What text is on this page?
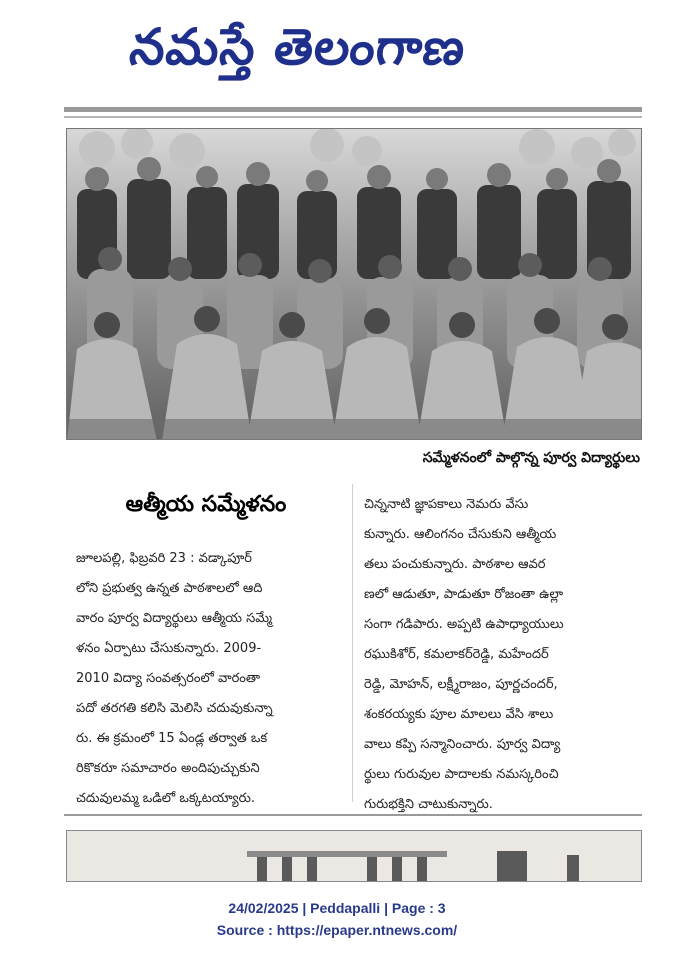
నమస్తే తెలంగాణ
సమ్మేళనంలో పాల్గొన్న పూర్వ విద్యార్థులు
ఆత్మీయ సమ్మేళనం
జూలపల్లి, ఫిబ్రవరి 23 : వడ్కాపూర్
లోని ప్రభుత్వ ఉన్నత పాఠశాలలో ఆది
వారం పూర్వ విద్యార్థులు ఆత్మీయ సమ్మే
ళనం ఏర్పాటు చేసుకున్నారు. 2009-
2010 విద్యా సంవత్సరంలో వారంతా
పదో తరగతి కలిసి మెలిసి చదువుకున్నా
రు. ఈ క్రమంలో 15 ఏండ్ల తర్వాత ఒక
రికొకరూ సమాచారం అందిపుచ్చుకుని
చదువులమ్మ ఒడిలో ఒక్కటయ్యారు.
చిన్ననాటి జ్ఞాపకాలు నెమరు వేసు
కున్నారు. ఆలింగనం చేసుకుని ఆత్మీయ
తలు పంచుకున్నారు. పాఠశాల ఆవర
ణలో ఆడుతూ, పాడుతూ రోజంతా ఉల్లా
సంగా గడిపారు. అప్పటి ఉపాధ్యాయులు
రఘుకిశోర్, కమలాకర్‌రెడ్డి, మహేందర్
రెడ్డి, మోహన్, లక్ష్మీరాజం, పూర్ణచందర్,
శంకరయ్యకు పూల మాలలు వేసి శాలు
వాలు కప్పి సన్మానించారు. పూర్వ విద్యా
ర్థులు గురువుల పాదాలకు నమస్కరించి
గురుభక్తిని చాటుకున్నారు.
24/02/2025 | Peddapalli | Page : 3
Source : https://epaper.ntnews.com/
